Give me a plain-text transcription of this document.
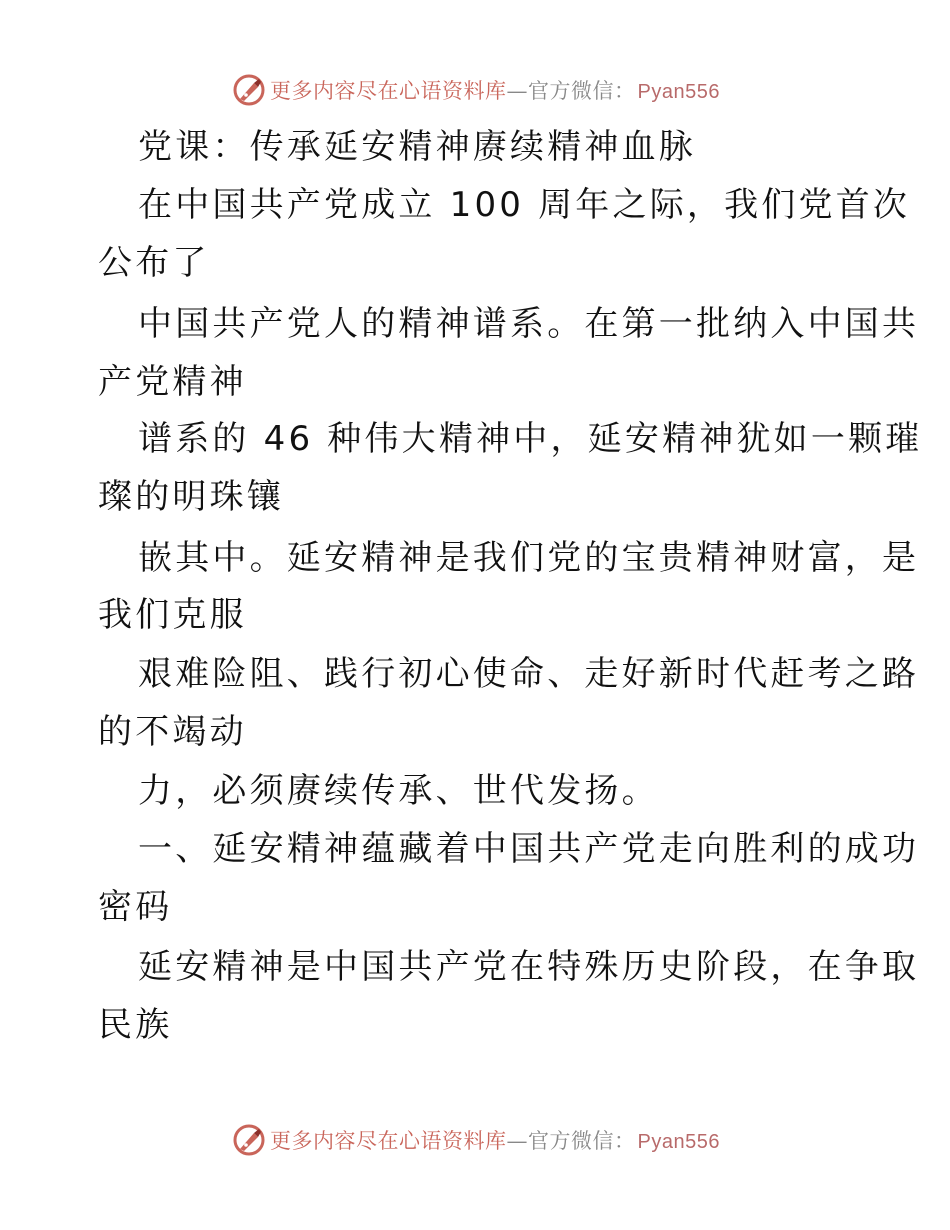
更多内容尽在心语资料库—官方微信： Pyan556
党课：传承延安精神赓续精神血脉
在中国共产党成立 100 周年之际，我们党首次
公布了
中国共产党人的精神谱系。在第一批纳入中国共
产党精神
谱系的 46 种伟大精神中，延安精神犹如一颗璀
璨的明珠镶
嵌其中。延安精神是我们党的宝贵精神财富，是
我们克服
艰难险阻、践行初心使命、走好新时代赶考之路
的不竭动
力，必须赓续传承、世代发扬。
一、延安精神蕴藏着中国共产党走向胜利的成功
密码
延安精神是中国共产党在特殊历史阶段，在争取
民族
更多内容尽在心语资料库—官方微信： Pyan556
